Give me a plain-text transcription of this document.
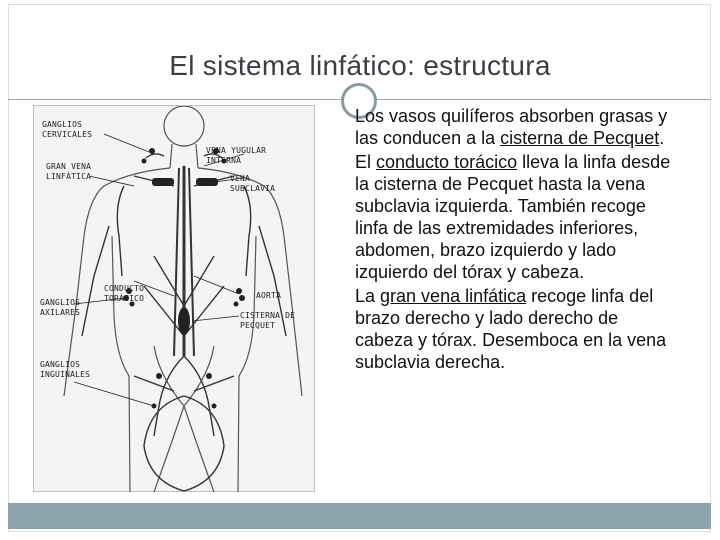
El sistema linfático: estructura
GANGLIOS
CERVICALES
GRAN VENA
LINFÁTICA
VENA YUGULAR
INTERNA
VENA
SUBCLAVIA
CONDUCTO
TORÁCICO	AORTA
GANGLIOS
AXILARES	CISTERNA DE
PECQUET
GANGLIOS
INGUINALES
Los vasos quilíferos absorben grasas y las conducen a la cisterna de Pecquet.
El conducto torácico lleva la linfa desde la cisterna de Pecquet hasta la vena subclavia izquierda. También recoge linfa de las extremidades inferiores, abdomen, brazo izquierdo y lado izquierdo del tórax y cabeza.
La gran vena linfática recoge linfa del brazo derecho y lado derecho de cabeza y tórax. Desemboca en la vena subclavia derecha.
